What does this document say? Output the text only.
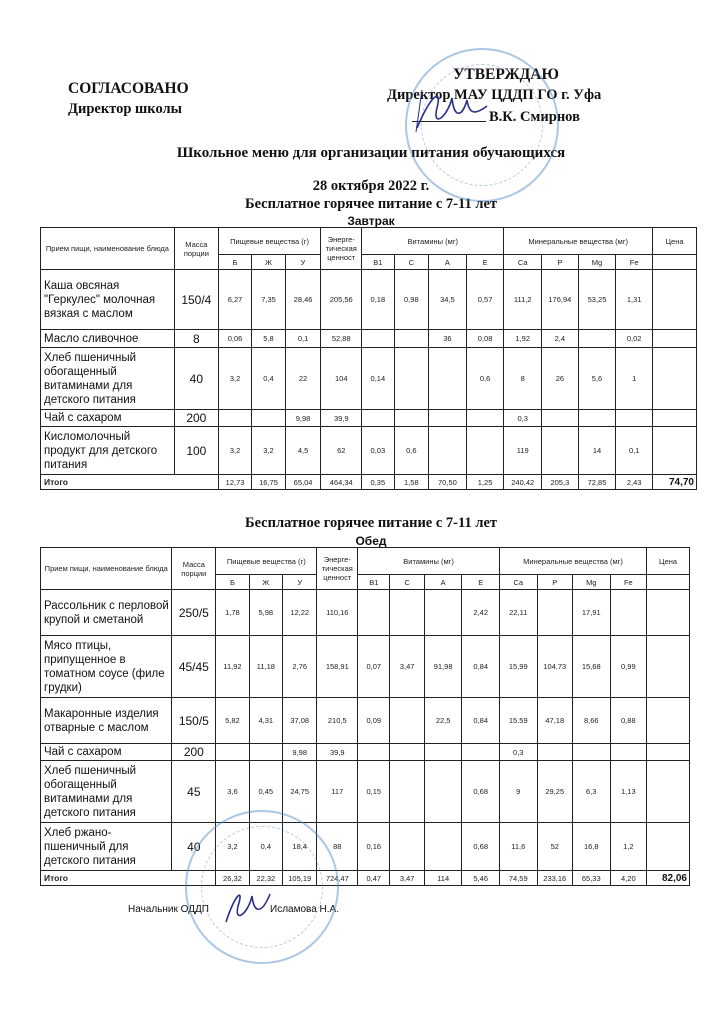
СОГЛАСОВАНО
Директор школы
УТВЕРЖДАЮ
Директор МАУ ЦДДП ГО г. Уфа
В.К. Смирнов
Школьное меню для организации питания обучающихся
28 октября 2022 г.
Бесплатное горячее питание с 7-11 лет
Завтрак
Прием пищи, наименование блюда	Масса порции	Пищевые вещества (г)			Энерге-тическая ценност	Витамины (мг)				Минеральные вещества (мг)				Цена
		Б	Ж	У		В1	С	А	Е	Са	Р	Mg	Fe	
Каша овсяная "Геркулес" молочная вязкая с маслом	150/4	6,27	7,35	28,46	205,56	0,18	0,98	34,5	0,57	111,2	176,94	53,25	1,31	
Масло сливочное	8	0,06	5,8	0,1	52,88			36	0,08	1,92	2,4		0,02	
Хлеб пшеничный обогащенный витаминами для детского питания	40	3,2	0,4	22	104	0,14			0,6	8	26	5,6	1	
Чай с сахаром	200			9,98	39,9					0,3				
Кисломолочный продукт для детского питания	100	3,2	3,2	4,5	62	0,03	0,6			119		14	0,1	
Итого		12,73	16,75	65,04	464,34	0,35	1,58	70,50	1,25	240,42	205,3	72,85	2,43	74,70
Бесплатное горячее питание с 7-11 лет
Обед
Прием пищи, наименование блюда	Масса порции	Пищевые вещества (г)			Энерге-тическая ценност	Витамины (мг)				Минеральные вещества (мг)				Цена
		Б	Ж	У		В1	С	А	Е	Са	Р	Mg	Fe	
Рассольник с перловой крупой и сметаной	250/5	1,78	5,98	12,22	110,16				2,42	22,11		17,91		
Мясо птицы, припущенное в томатном соусе (филе грудки)	45/45	11,92	11,18	2,76	158,91	0,07	3,47	91,98	0,84	15,99	104,73	15,68	0,99	
Макаронные изделия отварные с маслом	150/5	5,82	4,31	37,08	210,5	0,09		22,5	0,84	15.59	47,18	8,66	0,88	
Чай с сахаром	200			9,98	39,9					0,3				
Хлеб пшеничный обогащенный витаминами для детского питания	45	3,6	0,45	24,75	117	0,15			0,68	9	29,25	6,3	1,13	
Хлеб ржано-пшеничный для детского питания	40	3,2	0,4	18,4	88	0,16			0,68	11,6	52	16,8	1,2	
Итого		26,32	22,32	105,19	724,47	0,47	3,47	114	5,46	74,59	233,16	65,33	4,20	82,06
Начальник ОДДП	Исламова Н.А.
